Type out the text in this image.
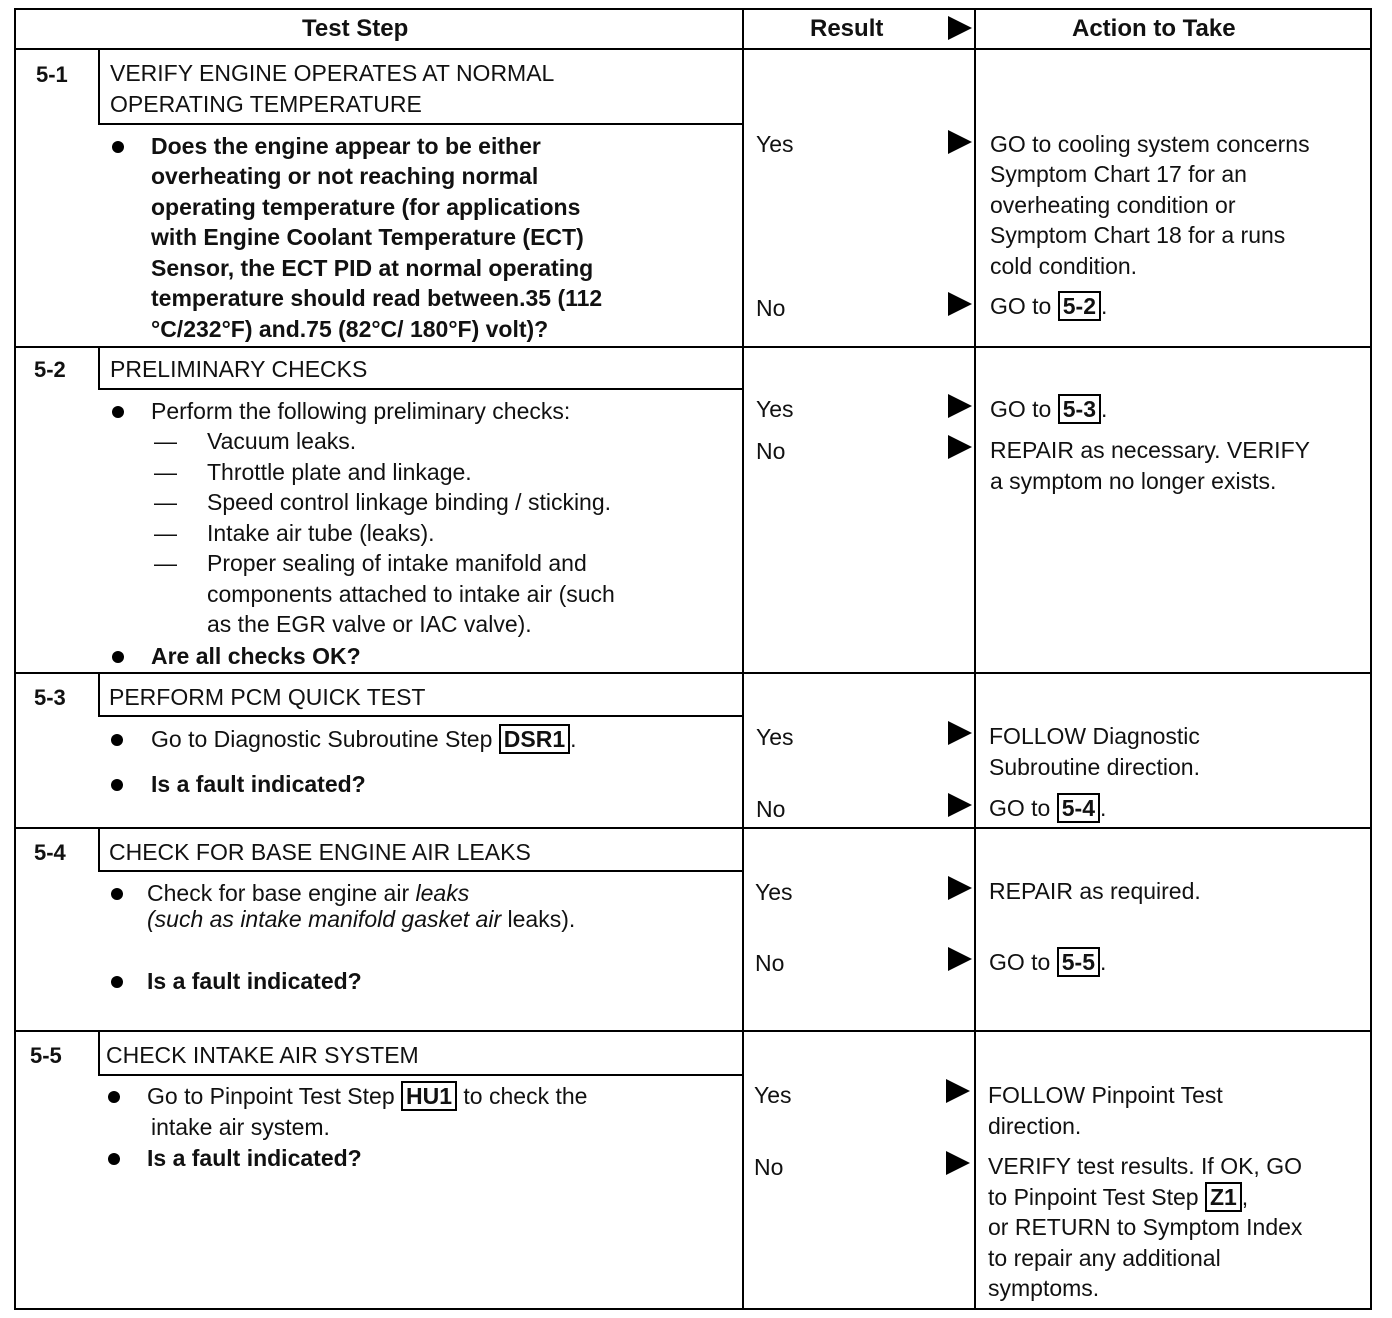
Test Step	Result	Action to Take
5-1 VERIFY ENGINE OPERATES AT NORMAL
OPERATING TEMPERATURE
Does the engine appear to be either
overheating or not reaching normal
operating temperature (for applications
with Engine Coolant Temperature (ECT)
Sensor, the ECT PID at normal operating
temperature should read between.35 (112
°C/232°F) and.75 (82°C/ 180°F) volt)?
Yes
No
GO to cooling system concerns
Symptom Chart 17 for an
overheating condition or
Symptom Chart 18 for a runs
cold condition.
GO to 5-2 .
5-2 PRELIMINARY CHECKS
Perform the following preliminary checks:
— Vacuum leaks.
— Throttle plate and linkage.
— Speed control linkage binding / sticking.
— Intake air tube (leaks).
— Proper sealing of intake manifold and
components attached to intake air (such
as the EGR valve or IAC valve).
Are all checks OK?
Yes
No
GO to 5-3 .
REPAIR as necessary. VERIFY
a symptom no longer exists.
5-3 PERFORM PCM QUICK TEST
Go to Diagnostic Subroutine Step DSR1 .
Is a fault indicated?
Yes
No
FOLLOW Diagnostic
Subroutine direction.
GO to 5-4 .
5-4 CHECK FOR BASE ENGINE AIR LEAKS
Check for base engine air leaks
(such as intake manifold gasket air leaks).
Is a fault indicated?
Yes
No
REPAIR as required.
GO to 5-5 .
5-5 CHECK INTAKE AIR SYSTEM
Go to Pinpoint Test Step HU1 to check the
intake air system.
Is a fault indicated?
Yes
No
FOLLOW Pinpoint Test
direction.
VERIFY test results. If OK, GO
to Pinpoint Test Step Z1 ,
or RETURN to Symptom Index
to repair any additional
symptoms.
